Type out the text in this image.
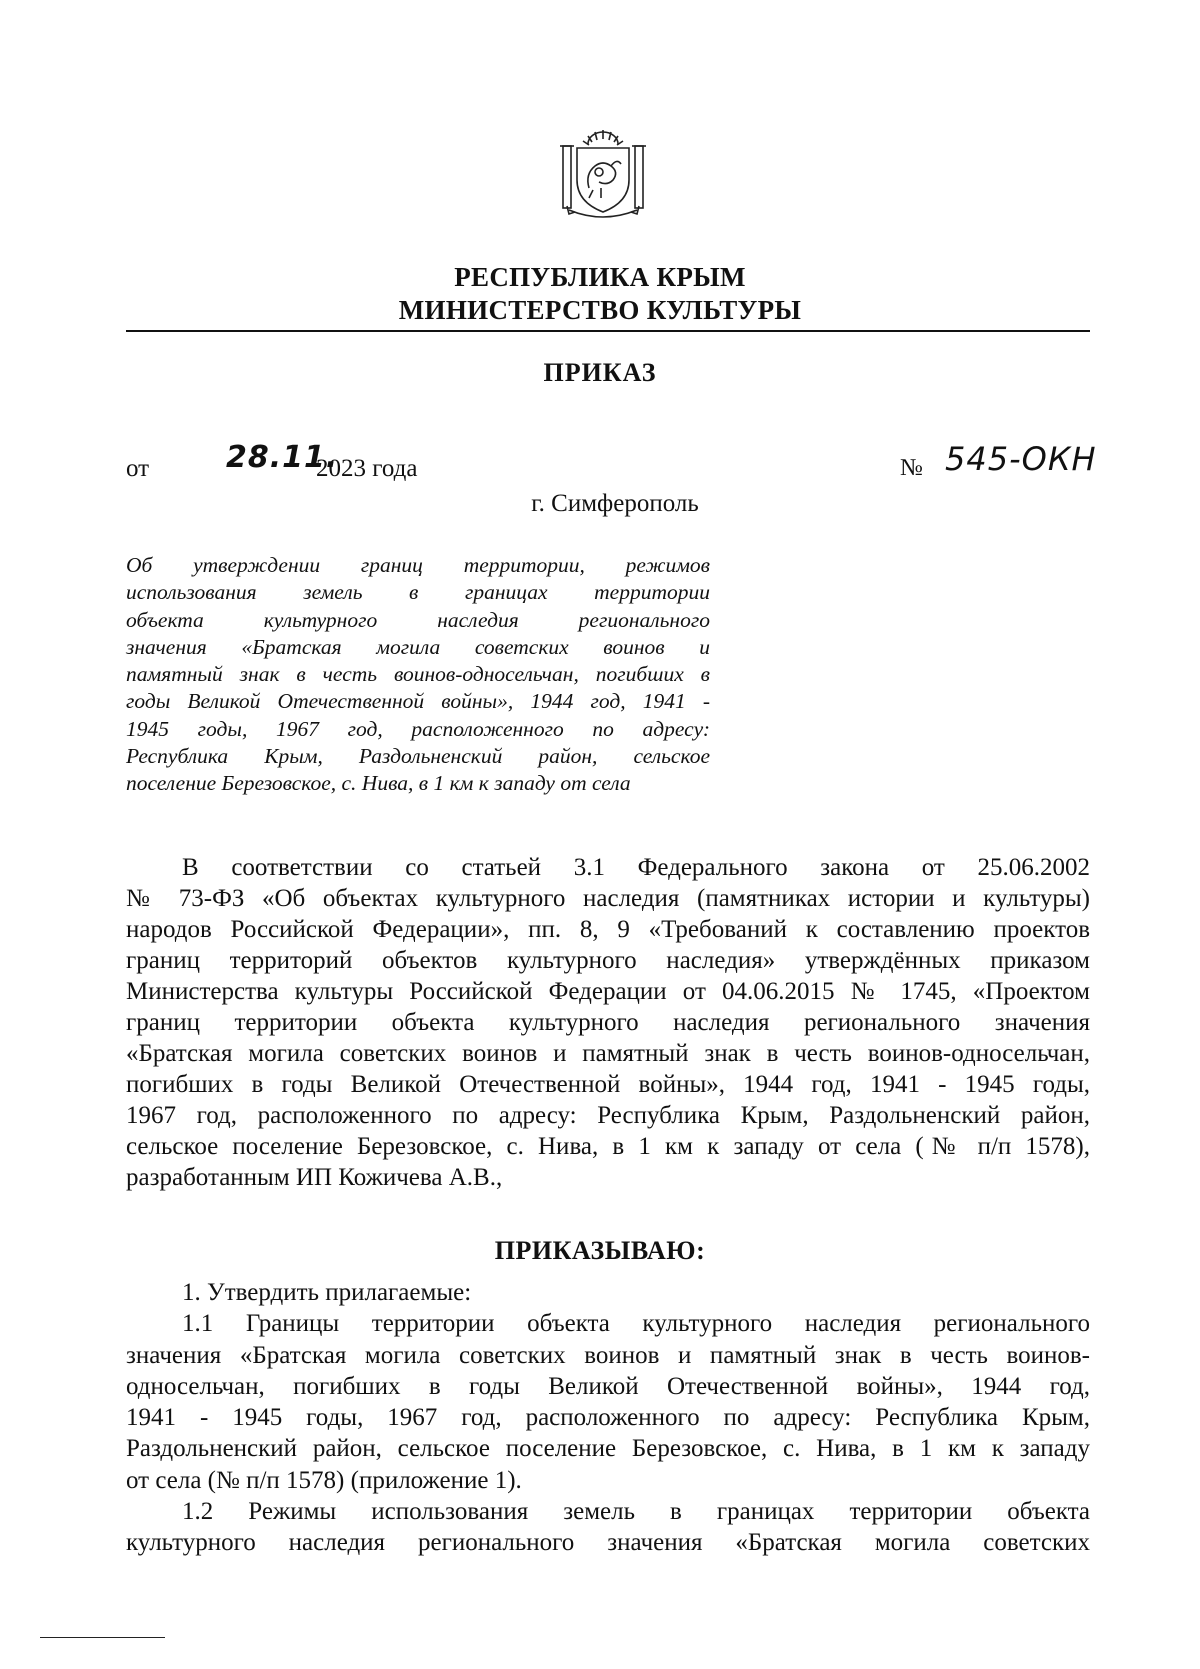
РЕСПУБЛИКА КРЫМ
МИНИСТЕРСТВО КУЛЬТУРЫ
ПРИКАЗ
от	28.11.
2023 года	№ 545-ОКН
г. Симферополь
Об утверждении границ территории, режимов
использования земель в границах территории
объекта культурного наследия регионального
значения «Братская могила советских воинов и
памятный знак в честь воинов-односельчан, погибших в
годы Великой Отечественной войны», 1944 год, 1941 -
1945 годы, 1967 год, расположенного по адресу:
Республика Крым, Раздольненский район, сельское
поселение Березовское, с. Нива, в 1 км к западу от села
В соответствии со статьей 3.1 Федерального закона от 25.06.2002
№ 73-ФЗ «Об объектах культурного наследия (памятниках истории и культуры)
народов Российской Федерации», пп. 8, 9 «Требований к составлению проектов
границ территорий объектов культурного наследия» утверждённых приказом
Министерства культуры Российской Федерации от 04.06.2015 № 1745, «Проектом
границ территории объекта культурного наследия регионального значения
«Братская могила советских воинов и памятный знак в честь воинов-односельчан,
погибших в годы Великой Отечественной войны», 1944 год, 1941 - 1945 годы,
1967 год, расположенного по адресу: Республика Крым, Раздольненский район,
сельское поселение Березовское, с. Нива, в 1 км к западу от села (№ п/п 1578),
разработанным ИП Кожичева А.В.,
ПРИКАЗЫВАЮ:
1. Утвердить прилагаемые:
1.1 Границы территории объекта культурного наследия регионального
значения «Братская могила советских воинов и памятный знак в честь воинов-
односельчан, погибших в годы Великой Отечественной войны», 1944 год,
1941 - 1945 годы, 1967 год, расположенного по адресу: Республика Крым,
Раздольненский район, сельское поселение Березовское, с. Нива, в 1 км к западу
от села (№ п/п 1578) (приложение 1).
1.2 Режимы использования земель в границах территории объекта
культурного наследия регионального значения «Братская могила советских
